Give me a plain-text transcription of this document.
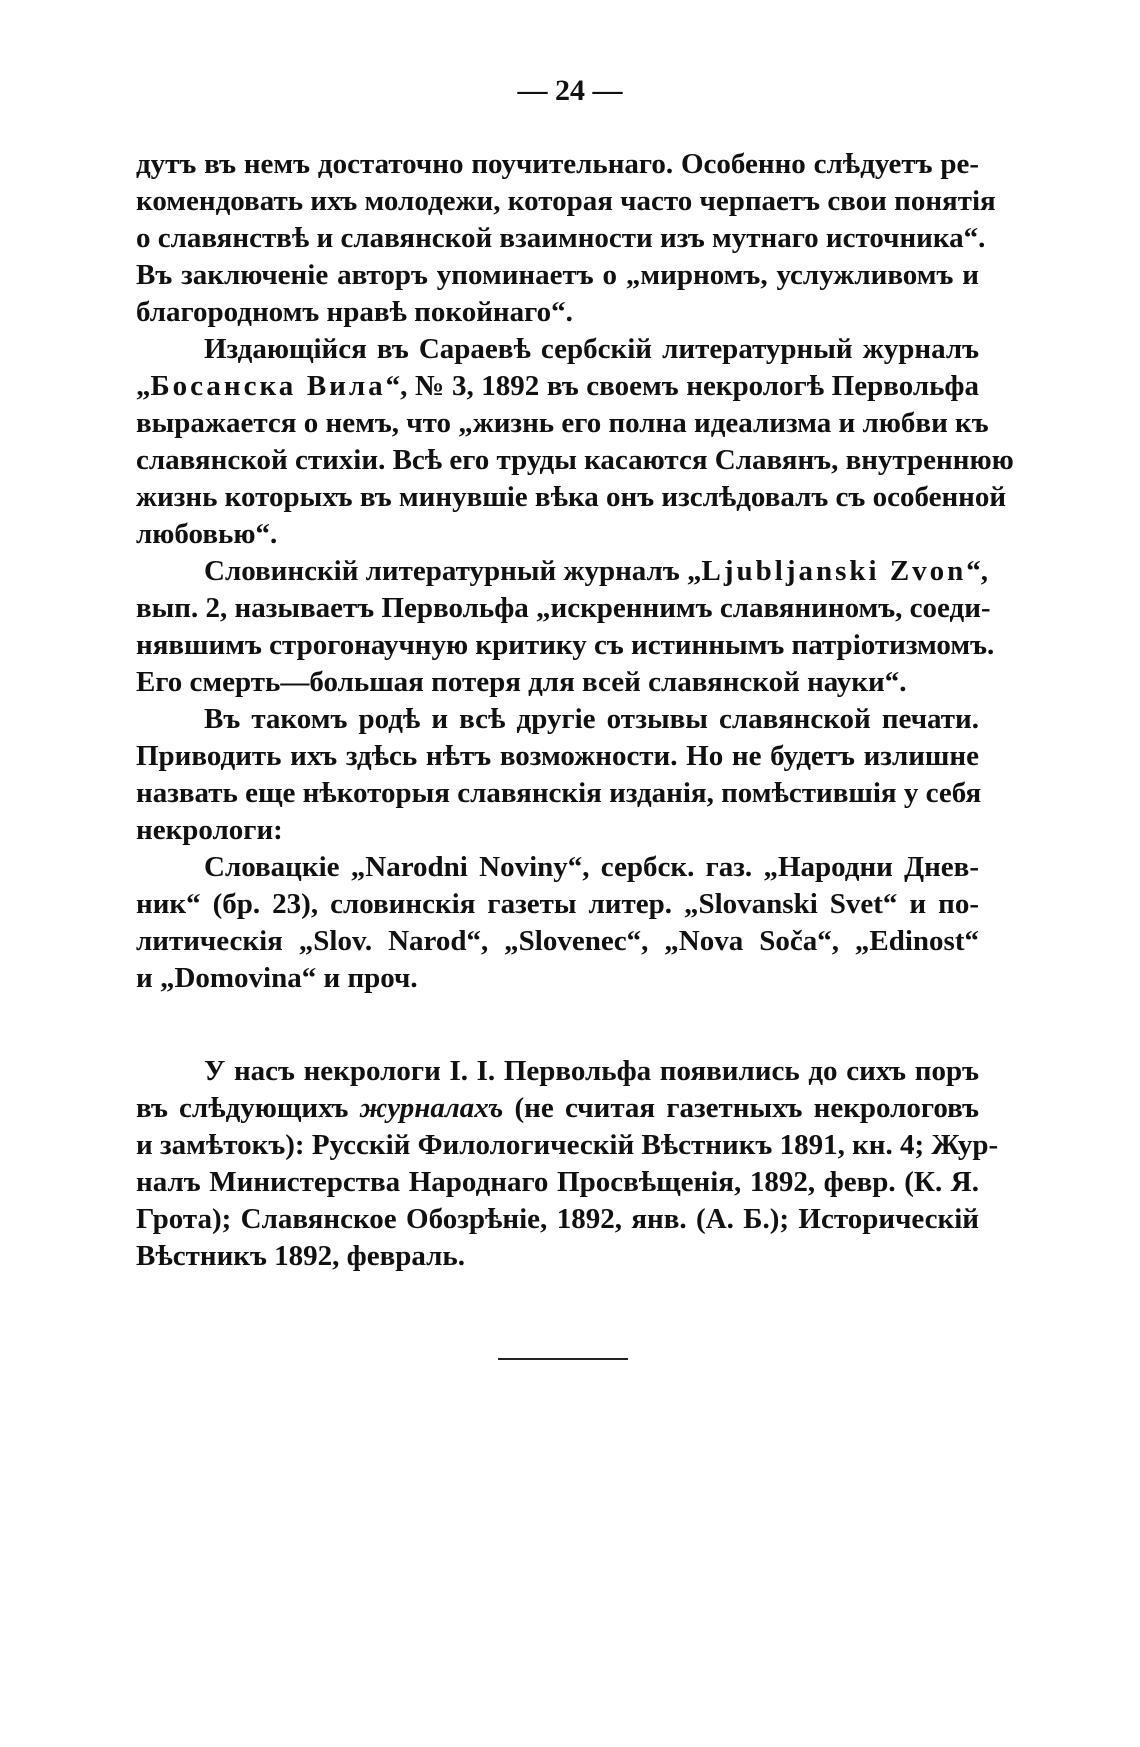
— 24 —
дутъ въ немъ достаточно поучительнаго. Особенно слѣдуетъ ре-
комендовать ихъ молодежи, которая часто черпаетъ свои понятія
о славянствѣ и славянской взаимности изъ мутнаго источника“.
Въ заключеніе авторъ упоминаетъ о „мирномъ, услужливомъ и
благородномъ нравѣ покойнаго“.
Издающійся въ Сараевѣ сербскій литературный журналъ
„Босанска Вила“, № 3, 1892 въ своемъ некрологѣ Первольфа
выражается о немъ, что „жизнь его полна идеализма и любви къ
славянской стихіи. Всѣ его труды касаются Славянъ, внутреннюю
жизнь которыхъ въ минувшіе вѣка онъ изслѣдовалъ съ особенной
любовью“.
Словинскій литературный журналъ „Ljubljanski Zvon“,
вып. 2, называетъ Первольфа „искреннимъ славяниномъ, соеди-
нявшимъ строгонаучную критику съ истиннымъ патріотизмомъ.
Его смерть—большая потеря для всей славянской науки“.
Въ такомъ родѣ и всѣ другіе отзывы славянской печати.
Приводить ихъ здѣсь нѣтъ возможности. Но не будетъ излишне
назвать еще нѣкоторыя славянскія изданія, помѣстившія у себя
некрологи:
Словацкіе „Narodni Noviny“, сербск. газ. „Народни Днев-
ник“ (бр. 23), словинскія газеты литер. „Slovanski Svet“ и по-
литическія „Slov. Narod“, „Slovenec“, „Nova Soča“, „Edinost“
и „Domovina“ и проч.
У насъ некрологи І. І. Первольфа появились до сихъ поръ
въ слѣдующихъ журналахъ (не считая газетныхъ некрологовъ
и замѣтокъ): Русскій Филологическій Вѣстникъ 1891, кн. 4; Жур-
налъ Министерства Народнаго Просвѣщенія, 1892, февр. (К. Я.
Грота); Славянское Обозрѣніе, 1892, янв. (А. Б.); Историческій
Вѣстникъ 1892, февраль.
